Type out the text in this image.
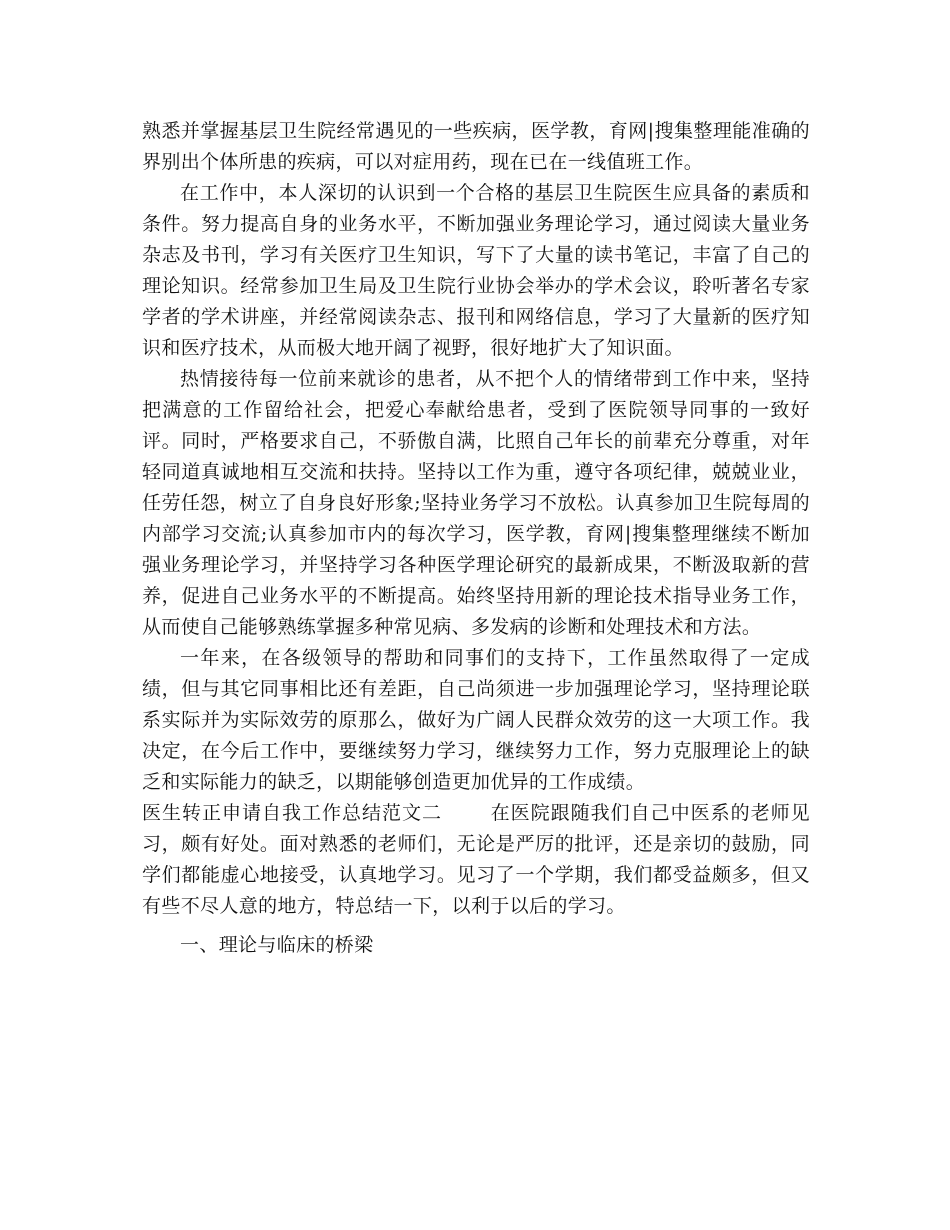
熟悉并掌握基层卫生院经常遇见的一些疾病，医学教，育网|搜集整理能准确的界别出个体所患的疾病，可以对症用药，现在已在一线值班工作。

在工作中，本人深切的认识到一个合格的基层卫生院医生应具备的素质和条件。努力提高自身的业务水平，不断加强业务理论学习，通过阅读大量业务杂志及书刊，学习有关医疗卫生知识，写下了大量的读书笔记，丰富了自己的理论知识。经常参加卫生局及卫生院行业协会举办的学术会议，聆听著名专家学者的学术讲座，并经常阅读杂志、报刊和网络信息，学习了大量新的医疗知识和医疗技术，从而极大地开阔了视野，很好地扩大了知识面。

热情接待每一位前来就诊的患者，从不把个人的情绪带到工作中来，坚持把满意的工作留给社会，把爱心奉献给患者，受到了医院领导同事的一致好评。同时，严格要求自己，不骄傲自满，比照自己年长的前辈充分尊重，对年轻同道真诚地相互交流和扶持。坚持以工作为重，遵守各项纪律，兢兢业业，任劳任怨，树立了自身良好形象;坚持业务学习不放松。认真参加卫生院每周的内部学习交流;认真参加市内的每次学习，医学教，育网|搜集整理继续不断加强业务理论学习，并坚持学习各种医学理论研究的最新成果，不断汲取新的营养，促进自己业务水平的不断提高。始终坚持用新的理论技术指导业务工作，从而使自己能够熟练掌握多种常见病、多发病的诊断和处理技术和方法。

一年来，在各级领导的帮助和同事们的支持下，工作虽然取得了一定成绩，但与其它同事相比还有差距，自己尚须进一步加强理论学习，坚持理论联系实际并为实际效劳的原那么，做好为广阔人民群众效劳的这一大项工作。我决定，在今后工作中，要继续努力学习，继续努力工作，努力克服理论上的缺乏和实际能力的缺乏，以期能够创造更加优异的工作成绩。

医生转正申请自我工作总结范文二	在医院跟随我们自己中医系的老师见习，颇有好处。面对熟悉的老师们，无论是严厉的批评，还是亲切的鼓励，同学们都能虚心地接受，认真地学习。见习了一个学期，我们都受益颇多，但又有些不尽人意的地方，特总结一下，以利于以后的学习。

一、理论与临床的桥梁
